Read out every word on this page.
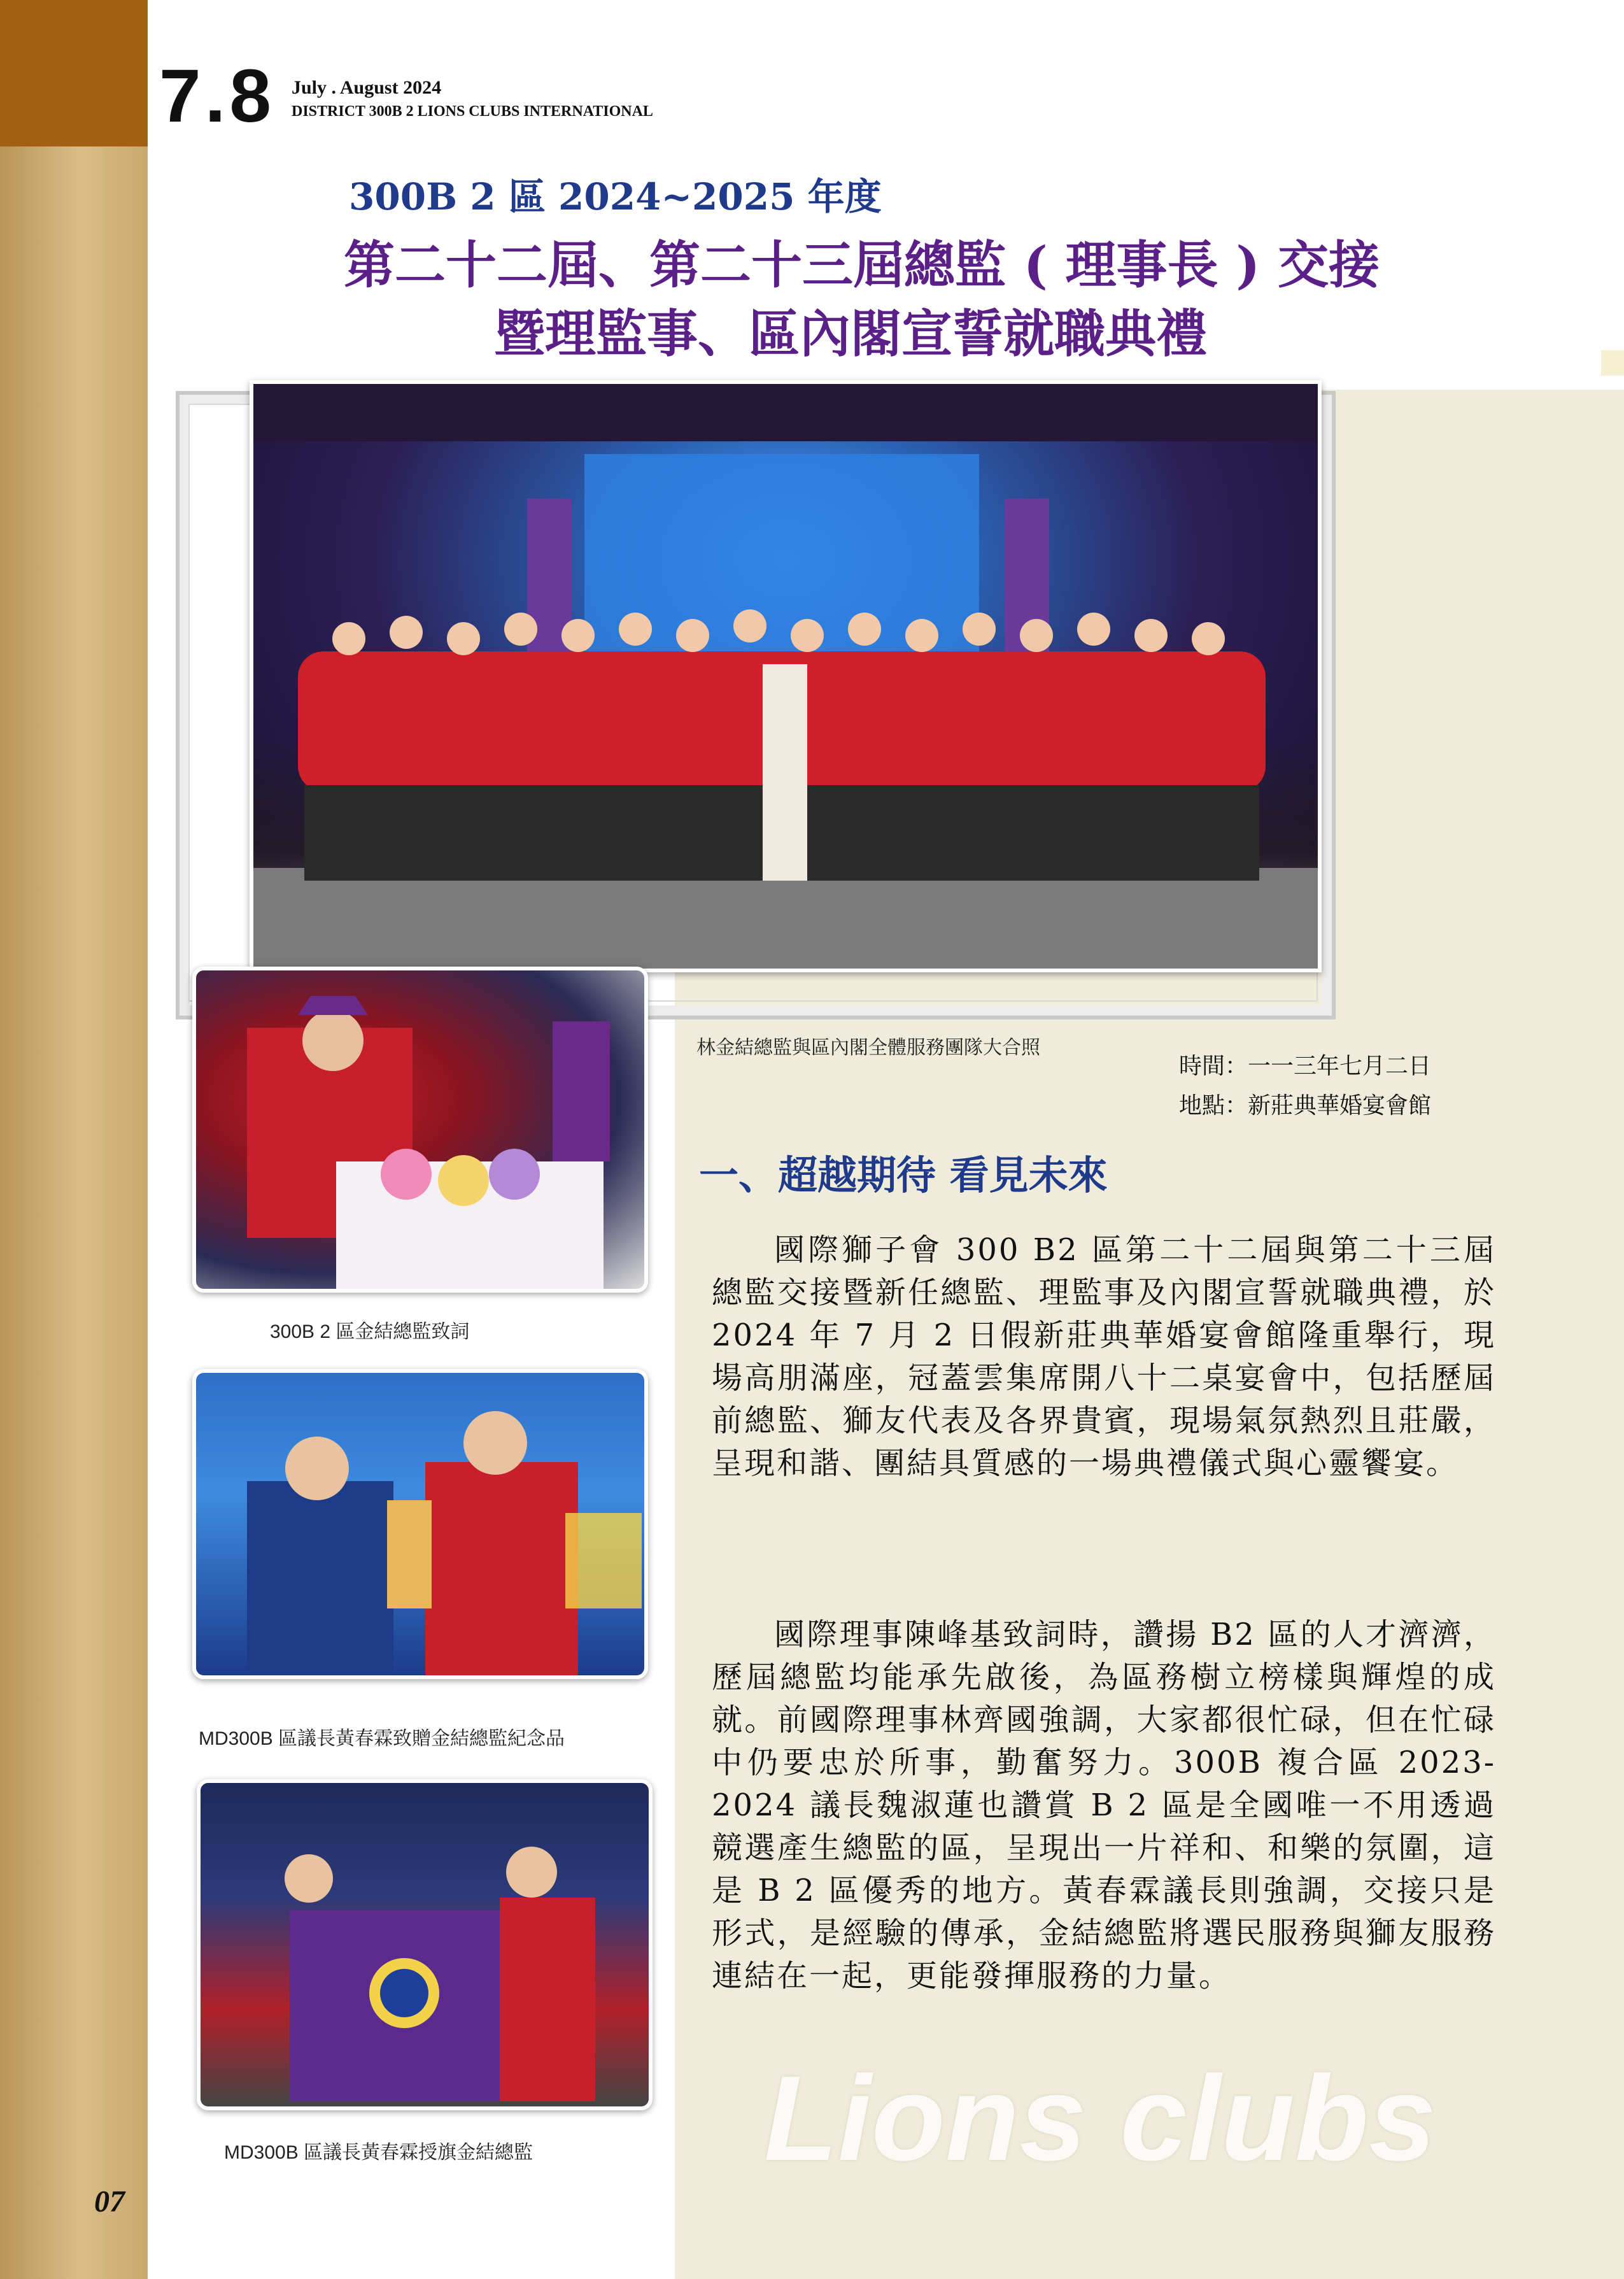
7.8 July . August 2024
DISTRICT 300B 2 LIONS CLUBS INTERNATIONAL
300B 2 區 2024~2025 年度
第二十二屆、第二十三屆總監 ( 理事長 ) 交接
暨理監事、區內閣宣誓就職典禮
林金結總監與區內閣全體服務團隊大合照
300B 2 區金結總監致詞
MD300B 區議長黃春霖致贈金結總監紀念品
MD300B 區議長黃春霖授旗金結總監
時間：一一三年七月二日
地點：新莊典華婚宴會館
一、超越期待 看見未來
國際獅子會 300 B2 區第二十二屆與第二十三屆總監交接暨新任總監、理監事及內閣宣誓就職典禮，於 2024 年 7 月 2 日假新莊典華婚宴會館隆重舉行，現場高朋滿座，冠蓋雲集席開八十二桌宴會中，包括歷屆前總監、獅友代表及各界貴賓，現場氣氛熱烈且莊嚴，呈現和諧、團結具質感的一場典禮儀式與心靈饗宴。
國際理事陳峰基致詞時，讚揚 B2 區的人才濟濟，歷屆總監均能承先啟後，為區務樹立榜樣與輝煌的成就。前國際理事林齊國強調，大家都很忙碌，但在忙碌中仍要忠於所事，勤奮努力。300B 複合區 2023-2024 議長魏淑蓮也讚賞 B 2 區是全國唯一不用透過競選產生總監的區，呈現出一片祥和、和樂的氛圍，這是 B 2 區優秀的地方。黃春霖議長則強調，交接只是形式，是經驗的傳承，金結總監將選民服務與獅友服務連結在一起，更能發揮服務的力量。
Lions clubs
07
